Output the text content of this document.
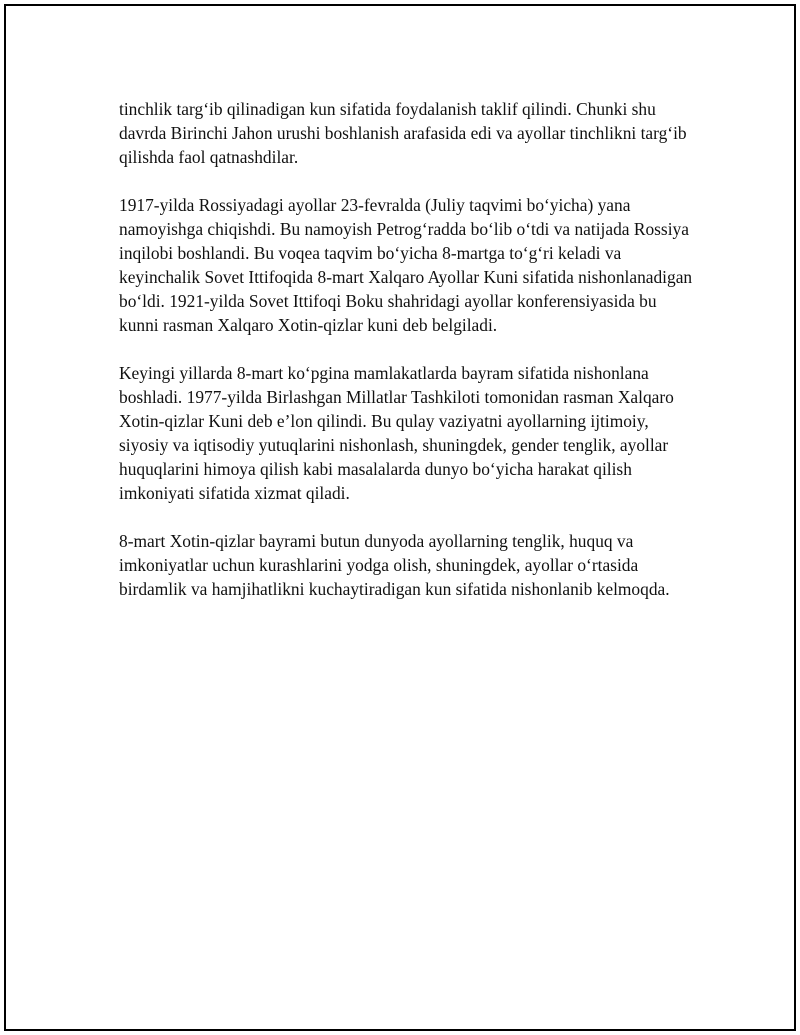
tinchlik targ‘ib qilinadigan kun sifatida foydalanish taklif qilindi. Chunki shu davrda Birinchi Jahon urushi boshlanish arafasida edi va ayollar tinchlikni targ‘ib qilishda faol qatnashdilar.

1917-yilda Rossiyadagi ayollar 23-fevralda (Juliy taqvimi bo‘yicha) yana namoyishga chiqishdi. Bu namoyish Petrog‘radda bo‘lib o‘tdi va natijada Rossiya inqilobi boshlandi. Bu voqea taqvim bo‘yicha 8-martga to‘g‘ri keladi va keyinchalik Sovet Ittifoqida 8-mart Xalqaro Ayollar Kuni sifatida nishonlanadigan bo‘ldi. 1921-yilda Sovet Ittifoqi Boku shahridagi ayollar konferensiyasida bu kunni rasman Xalqaro Xotin-qizlar kuni deb belgiladi.

Keyingi yillarda 8-mart ko‘pgina mamlakatlarda bayram sifatida nishonlana boshladi. 1977-yilda Birlashgan Millatlar Tashkiloti tomonidan rasman Xalqaro Xotin-qizlar Kuni deb e’lon qilindi. Bu qulay vaziyatni ayollarning ijtimoiy, siyosiy va iqtisodiy yutuqlarini nishonlash, shuningdek, gender tenglik, ayollar huquqlarini himoya qilish kabi masalalarda dunyo bo‘yicha harakat qilish imkoniyati sifatida xizmat qiladi.

8-mart Xotin-qizlar bayrami butun dunyoda ayollarning tenglik, huquq va imkoniyatlar uchun kurashlarini yodga olish, shuningdek, ayollar o‘rtasida birdamlik va hamjihatlikni kuchaytiradigan kun sifatida nishonlanib kelmoqda.
